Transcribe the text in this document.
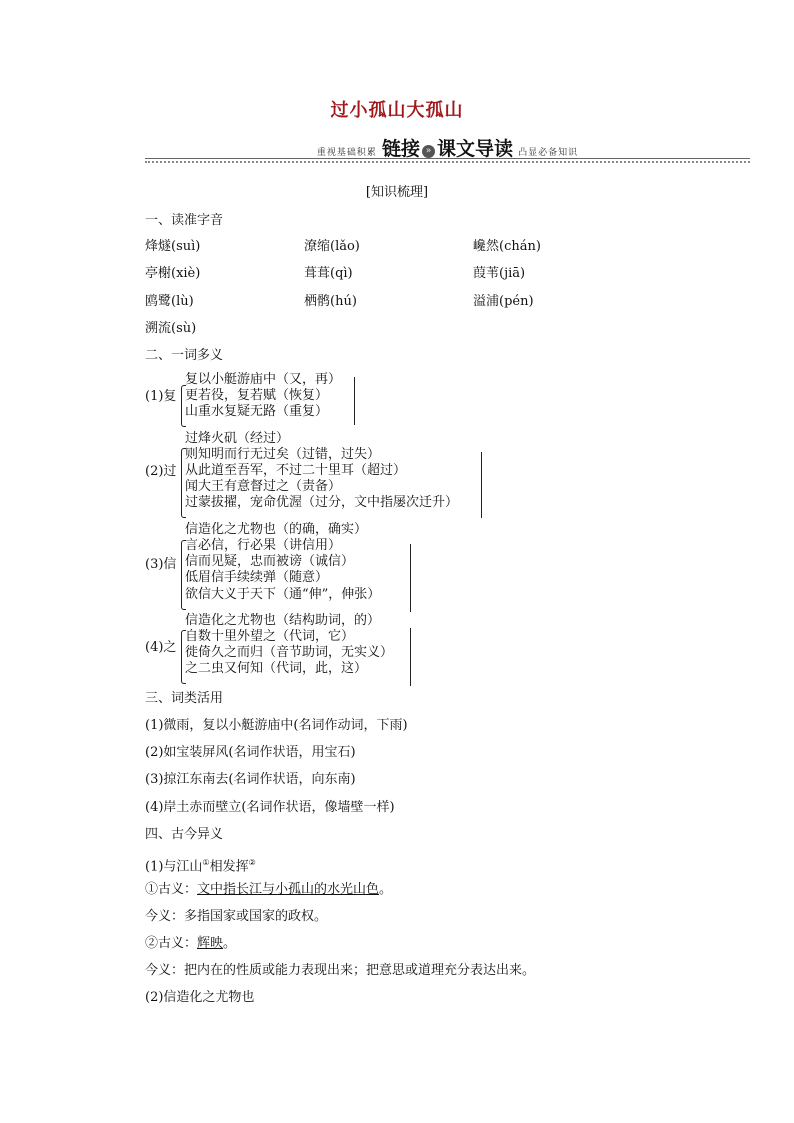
过小孤山大孤山
重视基础积累 链接 » 课文导读 凸显必备知识
[知识梳理]
一、读准字音
烽燧(suì)	潦缩(lǎo)	巉然(chán)
亭榭(xiè)	葺葺(qì)	葭苇(jiā)
鸥鹭(lù)	栖鹘(hú)	溢浦(pén)
溯流(sù)
二、一词多义
(1)复
复以小艇游庙中（又，再）
更若役，复若赋（恢复）
山重水复疑无路（重复）
(2)过
过烽火矶（经过）
则知明而行无过矣（过错，过失）
从此道至吾军，不过二十里耳（超过）
闻大王有意督过之（责备）
过蒙拔擢，宠命优渥（过分，文中指屡次迁升）
(3)信
信造化之尤物也（的确，确实）
言必信，行必果（讲信用）
信而见疑，忠而被谤（诚信）
低眉信手续续弹（随意）
欲信大义于天下（通“伸”，伸张）
(4)之
信造化之尤物也（结构助词，的）
自数十里外望之（代词，它）
徙倚久之而归（音节助词，无实义）
之二虫又何知（代词，此，这）
三、词类活用
(1)微雨，复以小艇游庙中(名词作动词，下雨)
(2)如宝装屏风(名词作状语，用宝石)
(3)掠江东南去(名词作状语，向东南)
(4)岸土赤而壁立(名词作状语，像墙壁一样)
四、古今异义
(1)与江山①相发挥②
①古义：文中指长江与小孤山的水光山色。
今义：多指国家或国家的政权。
②古义：辉映。
今义：把内在的性质或能力表现出来；把意思或道理充分表达出来。
(2)信造化之尤物也
